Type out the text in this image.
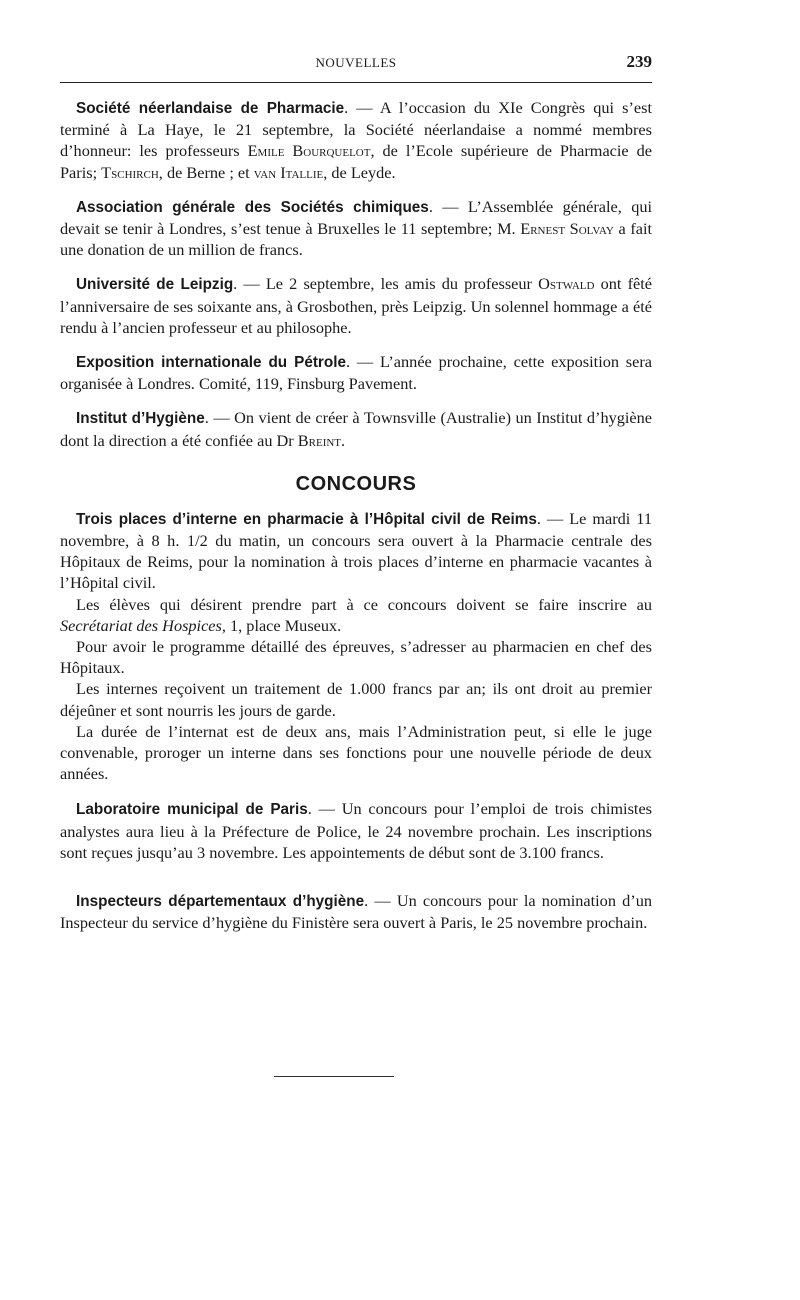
NOUVELLES	239

Société néerlandaise de Pharmacie. — A l’occasion du XIe Congrès qui s’est terminé à La Haye, le 21 septembre, la Société néerlandaise a nommé membres d’honneur: les professeurs Emile Bourquelot, de l’Ecole supérieure de Pharmacie de Paris; Tschirch, de Berne ; et van Itallie, de Leyde.

Association générale des Sociétés chimiques. — L’Assemblée générale, qui devait se tenir à Londres, s’est tenue à Bruxelles le 11 septembre; M. Ernest Solvay a fait une donation de un million de francs.

Université de Leipzig. — Le 2 septembre, les amis du professeur Ostwald ont fêté l’anniversaire de ses soixante ans, à Grosbothen, près Leipzig. Un solennel hommage a été rendu à l’ancien professeur et au philosophe.

Exposition internationale du Pétrole. — L’année prochaine, cette exposition sera organisée à Londres. Comité, 119, Finsburg Pavement.

Institut d’Hygiène. — On vient de créer à Townsville (Australie) un Institut d’hygiène dont la direction a été confiée au Dr Breint.

CONCOURS

Trois places d’interne en pharmacie à l’Hôpital civil de Reims. — Le mardi 11 novembre, à 8 h. 1/2 du matin, un concours sera ouvert à la Pharmacie centrale des Hôpitaux de Reims, pour la nomination à trois places d’interne en pharmacie vacantes à l’Hôpital civil.

Les élèves qui désirent prendre part à ce concours doivent se faire inscrire au Secrétariat des Hospices, 1, place Museux.

Pour avoir le programme détaillé des épreuves, s’adresser au pharmacien en chef des Hôpitaux.

Les internes reçoivent un traitement de 1.000 francs par an; ils ont droit au premier déjeûner et sont nourris les jours de garde.

La durée de l’internat est de deux ans, mais l’Administration peut, si elle le juge convenable, proroger un interne dans ses fonctions pour une nouvelle période de deux années.

Laboratoire municipal de Paris. — Un concours pour l’emploi de trois chimistes analystes aura lieu à la Préfecture de Police, le 24 novembre prochain. Les inscriptions sont reçues jusqu’au 3 novembre. Les appointements de début sont de 3.100 francs.

Inspecteurs départementaux d’hygiène. — Un concours pour la nomination d’un Inspecteur du service d’hygiène du Finistère sera ouvert à Paris, le 25 novembre prochain.
